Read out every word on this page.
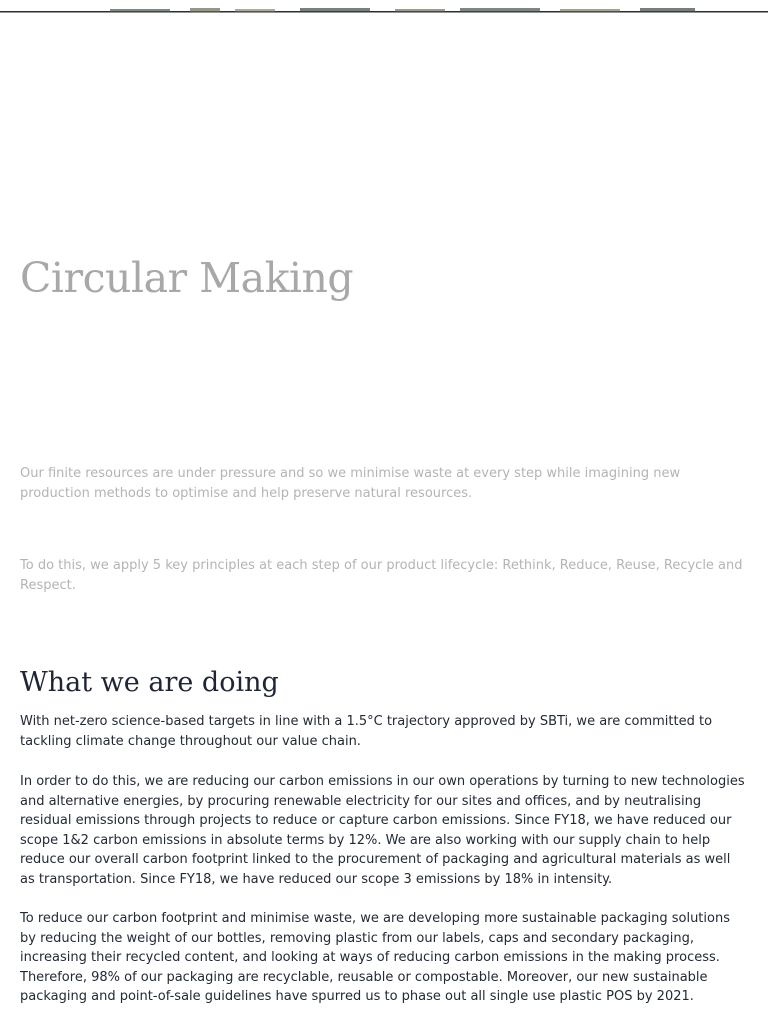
Circular Making

Our finite resources are under pressure and so we minimise waste at every step while imagining new production methods to optimise and help preserve natural resources.

To do this, we apply 5 key principles at each step of our product lifecycle: Rethink, Reduce, Reuse, Recycle and Respect.

What we are doing

With net-zero science-based targets in line with a 1.5°C trajectory approved by SBTi, we are committed to tackling climate change throughout our value chain.

In order to do this, we are reducing our carbon emissions in our own operations by turning to new technologies and alternative energies, by procuring renewable electricity for our sites and offices, and by neutralising residual emissions through projects to reduce or capture carbon emissions. Since FY18, we have reduced our scope 1&2 carbon emissions in absolute terms by 12%. We are also working with our supply chain to help reduce our overall carbon footprint linked to the procurement of packaging and agricultural materials as well as transportation. Since FY18, we have reduced our scope 3 emissions by 18% in intensity.

To reduce our carbon footprint and minimise waste, we are developing more sustainable packaging solutions by reducing the weight of our bottles, removing plastic from our labels, caps and secondary packaging, increasing their recycled content, and looking at ways of reducing carbon emissions in the making process. Therefore, 98% of our packaging are recyclable, reusable or compostable. Moreover, our new sustainable packaging and point-of-sale guidelines have spurred us to phase out all single use plastic POS by 2021.
